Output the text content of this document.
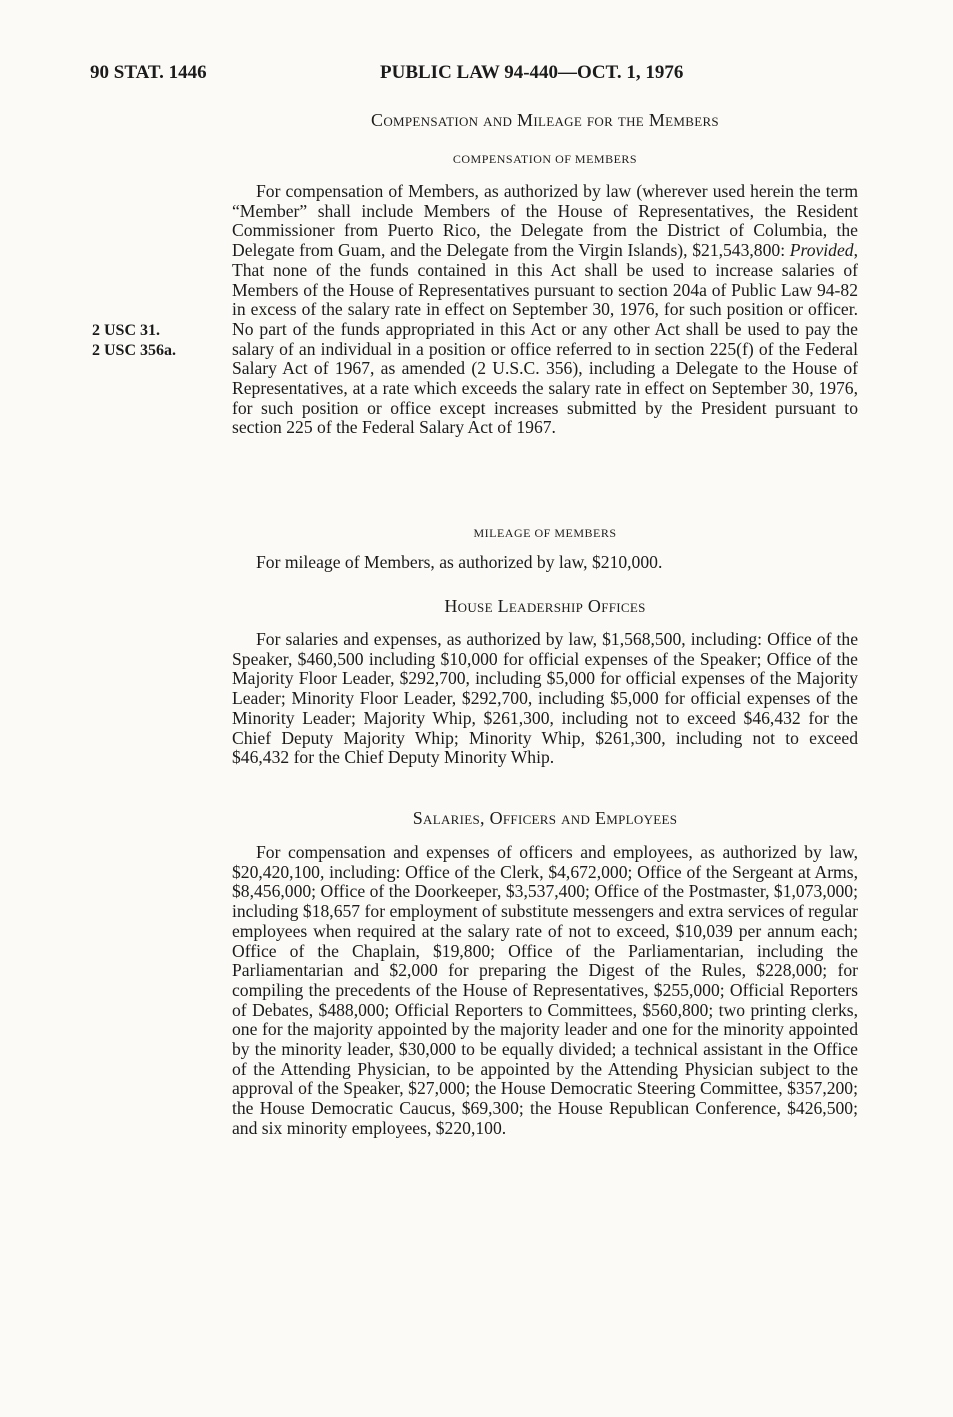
90 STAT. 1446	PUBLIC LAW 94-440—OCT. 1, 1976
2 USC 31.
2 USC 356a.
Compensation and Mileage for the Members
COMPENSATION OF MEMBERS
For compensation of Members, as authorized by law (wherever used herein the term “Member” shall include Members of the House of Representatives, the Resident Commissioner from Puerto Rico, the Delegate from the District of Columbia, the Delegate from Guam, and the Delegate from the Virgin Islands), $21,543,800: Provided, That none of the funds contained in this Act shall be used to increase salaries of Members of the House of Representatives pursuant to section 204a of Public Law 94-82 in excess of the salary rate in effect on September 30, 1976, for such position or officer. No part of the funds appropriated in this Act or any other Act shall be used to pay the salary of an individual in a position or office referred to in section 225(f) of the Federal Salary Act of 1967, as amended (2 U.S.C. 356), including a Delegate to the House of Representatives, at a rate which exceeds the salary rate in effect on September 30, 1976, for such position or office except increases submitted by the President pursuant to section 225 of the Federal Salary Act of 1967.
MILEAGE OF MEMBERS
For mileage of Members, as authorized by law, $210,000.
House Leadership Offices
For salaries and expenses, as authorized by law, $1,568,500, including: Office of the Speaker, $460,500 including $10,000 for official expenses of the Speaker; Office of the Majority Floor Leader, $292,700, including $5,000 for official expenses of the Majority Leader; Minority Floor Leader, $292,700, including $5,000 for official expenses of the Minority Leader; Majority Whip, $261,300, including not to exceed $46,432 for the Chief Deputy Majority Whip; Minority Whip, $261,300, including not to exceed $46,432 for the Chief Deputy Minority Whip.
Salaries, Officers and Employees
For compensation and expenses of officers and employees, as authorized by law, $20,420,100, including: Office of the Clerk, $4,672,000; Office of the Sergeant at Arms, $8,456,000; Office of the Doorkeeper, $3,537,400; Office of the Postmaster, $1,073,000; including $18,657 for employment of substitute messengers and extra services of regular employees when required at the salary rate of not to exceed, $10,039 per annum each; Office of the Chaplain, $19,800; Office of the Parliamentarian, including the Parliamentarian and $2,000 for preparing the Digest of the Rules, $228,000; for compiling the precedents of the House of Representatives, $255,000; Official Reporters of Debates, $488,000; Official Reporters to Committees, $560,800; two printing clerks, one for the majority appointed by the majority leader and one for the minority appointed by the minority leader, $30,000 to be equally divided; a technical assistant in the Office of the Attending Physician, to be appointed by the Attending Physician subject to the approval of the Speaker, $27,000; the House Democratic Steering Committee, $357,200; the House Democratic Caucus, $69,300; the House Republican Conference, $426,500; and six minority employees, $220,100.
